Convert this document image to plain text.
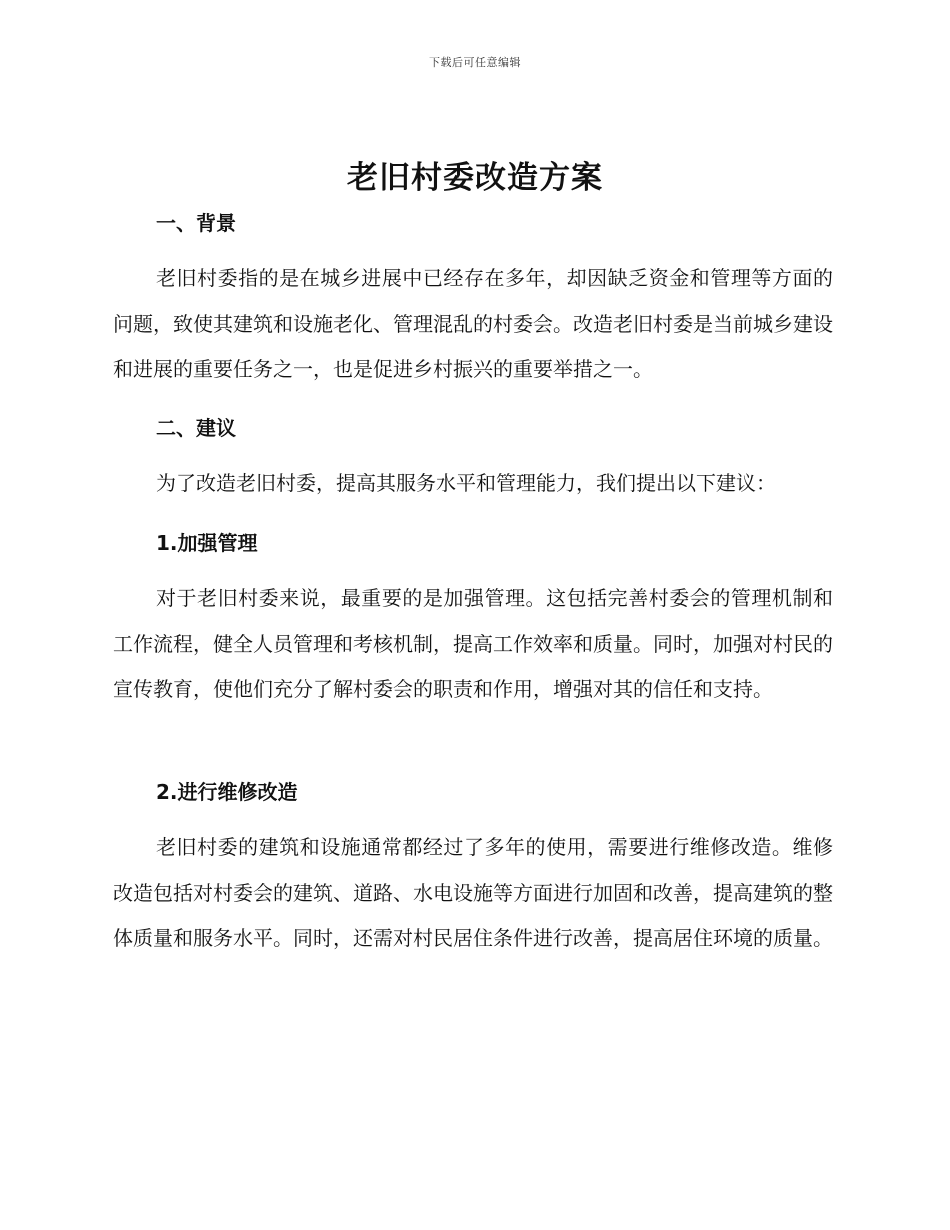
下载后可任意编辑
老旧村委改造方案
一、背景

老旧村委指的是在城乡进展中已经存在多年，却因缺乏资金和管理等方面的问题，致使其建筑和设施老化、管理混乱的村委会。改造老旧村委是当前城乡建设和进展的重要任务之一，也是促进乡村振兴的重要举措之一。

二、建议

为了改造老旧村委，提高其服务水平和管理能力，我们提出以下建议：

1.加强管理

对于老旧村委来说，最重要的是加强管理。这包括完善村委会的管理机制和工作流程，健全人员管理和考核机制，提高工作效率和质量。同时，加强对村民的宣传教育，使他们充分了解村委会的职责和作用，增强对其的信任和支持。

2.进行维修改造

老旧村委的建筑和设施通常都经过了多年的使用，需要进行维修改造。维修改造包括对村委会的建筑、道路、水电设施等方面进行加固和改善，提高建筑的整体质量和服务水平。同时，还需对村民居住条件进行改善，提高居住环境的质量。
